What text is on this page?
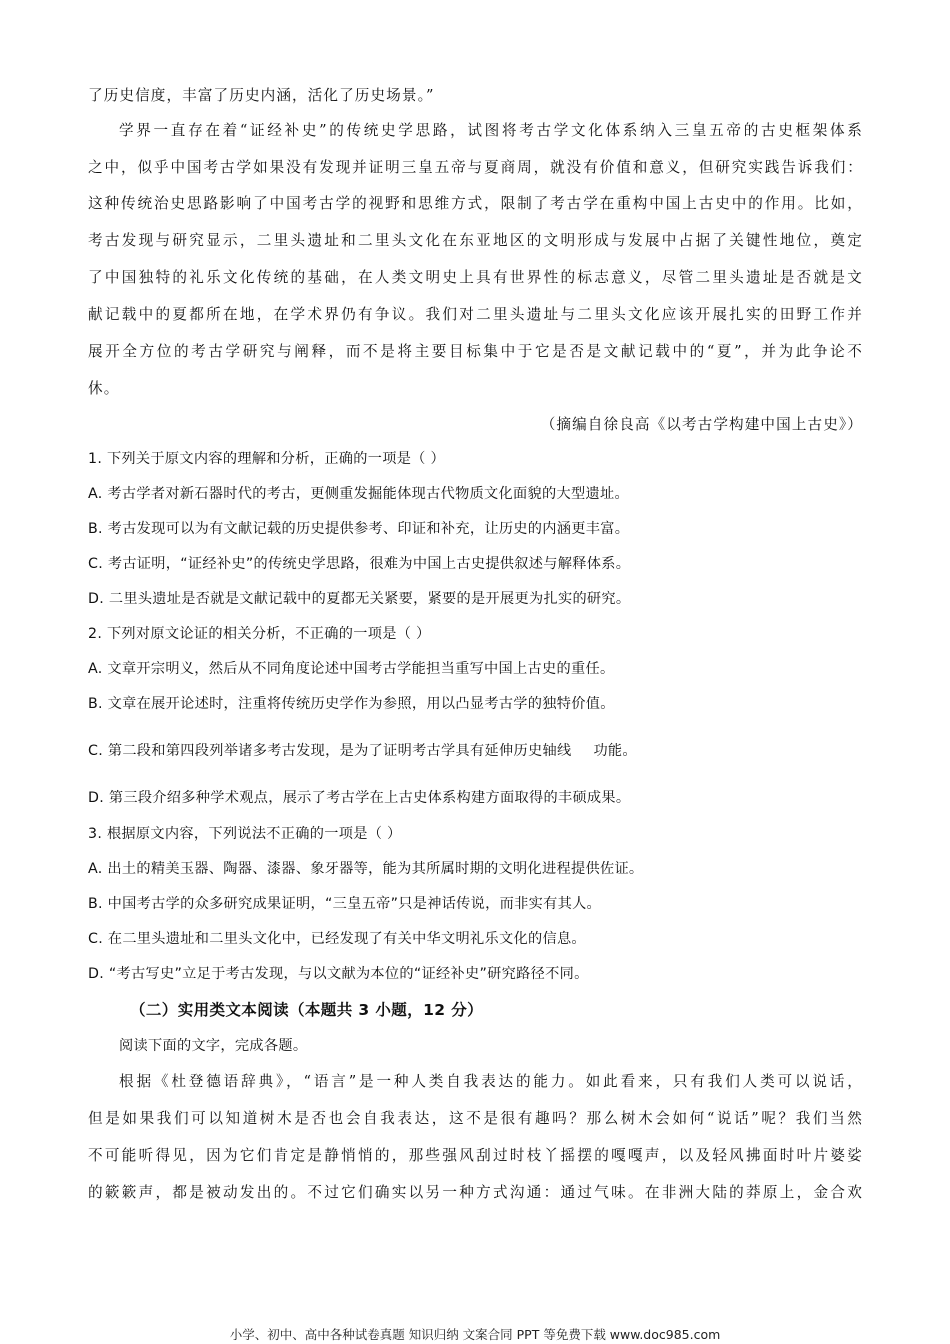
了历史信度，丰富了历史内涵，活化了历史场景。”
学界一直存在着“证经补史”的传统史学思路，试图将考古学文化体系纳入三皇五帝的古史框架体系
之中，似乎中国考古学如果没有发现并证明三皇五帝与夏商周，就没有价值和意义，但研究实践告诉我们：
这种传统治史思路影响了中国考古学的视野和思维方式，限制了考古学在重构中国上古史中的作用。比如，
考古发现与研究显示，二里头遗址和二里头文化在东亚地区的文明形成与发展中占据了关键性地位，奠定
了中国独特的礼乐文化传统的基础，在人类文明史上具有世界性的标志意义，尽管二里头遗址是否就是文
献记载中的夏都所在地，在学术界仍有争议。我们对二里头遗址与二里头文化应该开展扎实的田野工作并
展开全方位的考古学研究与阐释，而不是将主要目标集中于它是否是文献记载中的“夏”，并为此争论不
休。
（摘编自徐良高《以考古学构建中国上古史》）
1. 下列关于原文内容的理解和分析，正确的一项是（ ）
A. 考古学者对新石器时代的考古，更侧重发掘能体现古代物质文化面貌的大型遗址。
B. 考古发现可以为有文献记载的历史提供参考、印证和补充，让历史的内涵更丰富。
C. 考古证明，“证经补史”的传统史学思路，很难为中国上古史提供叙述与解释体系。
D. 二里头遗址是否就是文献记载中的夏都无关紧要，紧要的是开展更为扎实的研究。
2. 下列对原文论证的相关分析，不正确的一项是（ ）
A. 文章开宗明义，然后从不同角度论述中国考古学能担当重写中国上古史的重任。
B. 文章在展开论述时，注重将传统历史学作为参照，用以凸显考古学的独特价值。
C. 第二段和第四段列举诸多考古发现，是为了证明考古学具有延伸历史轴线 功能。
D. 第三段介绍多种学术观点，展示了考古学在上古史体系构建方面取得的丰硕成果。
3. 根据原文内容，下列说法不正确的一项是（ ）
A. 出土的精美玉器、陶器、漆器、象牙器等，能为其所属时期的文明化进程提供佐证。
B. 中国考古学的众多研究成果证明，“三皇五帝”只是神话传说，而非实有其人。
C. 在二里头遗址和二里头文化中，已经发现了有关中华文明礼乐文化的信息。
D. “考古写史”立足于考古发现，与以文献为本位的“证经补史”研究路径不同。
（二）实用类文本阅读（本题共 3 小题，12 分）
阅读下面的文字，完成各题。
根据《杜登德语辞典》，“语言”是一种人类自我表达的能力。如此看来，只有我们人类可以说话，
但是如果我们可以知道树木是否也会自我表达，这不是很有趣吗？那么树木会如何“说话”呢？我们当然
不可能听得见，因为它们肯定是静悄悄的，那些强风刮过时枝丫摇摆的嘎嘎声，以及轻风拂面时叶片婆娑
的簌簌声，都是被动发出的。不过它们确实以另一种方式沟通：通过气味。在非洲大陆的莽原上，金合欢
小学、初中、高中各种试卷真题 知识归纳 文案合同 PPT 等免费下载 www.doc985.com
